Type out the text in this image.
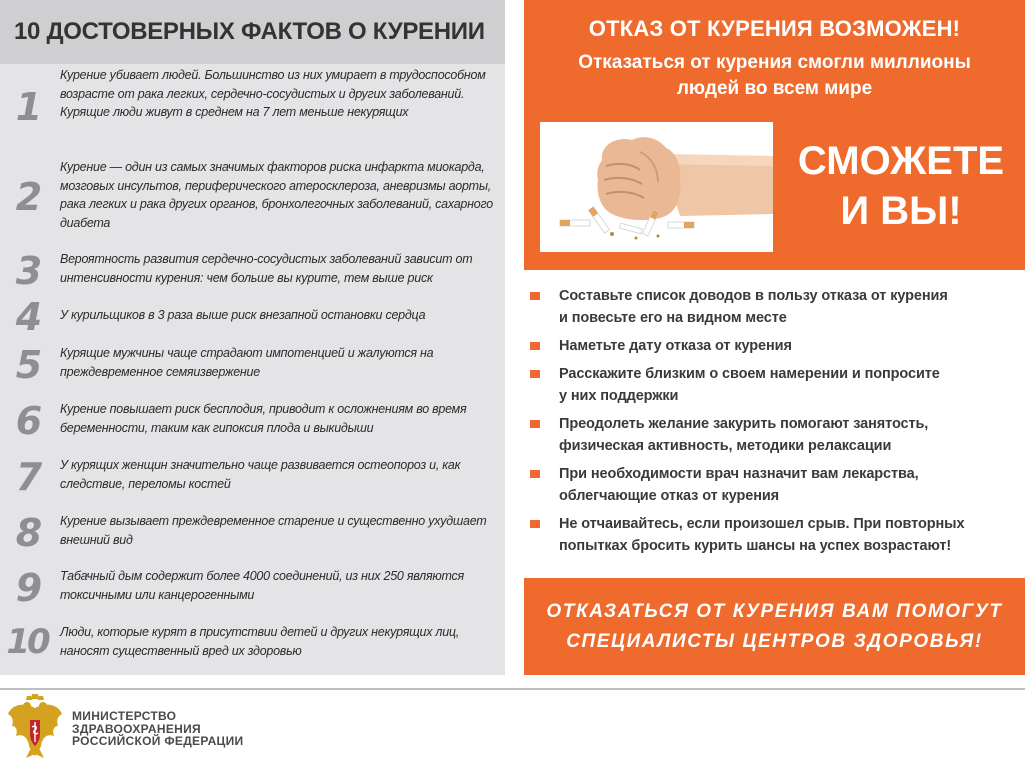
10 ДОСТОВЕРНЫХ ФАКТОВ О КУРЕНИИ
1
Курение убивает людей. Большинство из них умирает в трудоспособном возрасте от рака легких, сердечно-сосудистых и других заболеваний. Курящие люди живут в среднем на 7 лет меньше некурящих
2
Курение — один из самых значимых факторов риска инфаркта миокарда, мозговых инсультов, периферического атеросклероза, аневризмы аорты, рака легких и рака других органов, бронхолегочных заболеваний, сахарного диабета
3	Вероятность развития сердечно-сосудистых заболеваний зависит от интенсивности курения: чем больше вы курите, тем выше риск
4	У курильщиков в 3 раза выше риск внезапной остановки сердца
5	Курящие мужчины чаще страдают импотенцией и жалуются на преждевременное семяизвержение
6	Курение повышает риск бесплодия, приводит к осложнениям во время беременности, таким как гипоксия плода и выкидыши
7	У курящих женщин значительно чаще развивается остеопороз и, как следствие, переломы костей
8	Курение вызывает преждевременное старение и существенно ухудшает внешний вид
9	Табачный дым содержит более 4000 соединений, из них 250 являются токсичными или канцерогенными
10 Люди, которые курят в присутствии детей и других некурящих лиц, наносят существенный вред их здоровью
ОТКАЗ ОТ КУРЕНИЯ ВОЗМОЖЕН!
Отказаться от курения смогли миллионы
людей во всем мире
СМОЖЕТЕ
И ВЫ!
Составьте список доводов в пользу отказа от курения
и повесьте его на видном месте
Наметьте дату отказа от курения
Расскажите близким о своем намерении и попросите
у них поддержки
Преодолеть желание закурить помогают занятость,
физическая активность, методики релаксации
При необходимости врач назначит вам лекарства,
облегчающие отказ от курения
Не отчаивайтесь, если произошел срыв. При повторных
попытках бросить курить шансы на успех возрастают!
ОТКАЗАТЬСЯ ОТ КУРЕНИЯ ВАМ ПОМОГУТ
СПЕЦИАЛИСТЫ ЦЕНТРОВ ЗДОРОВЬЯ!
МИНИСТЕРСТВО
ЗДРАВООХРАНЕНИЯ
РОССИЙСКОЙ ФЕДЕРАЦИИ
